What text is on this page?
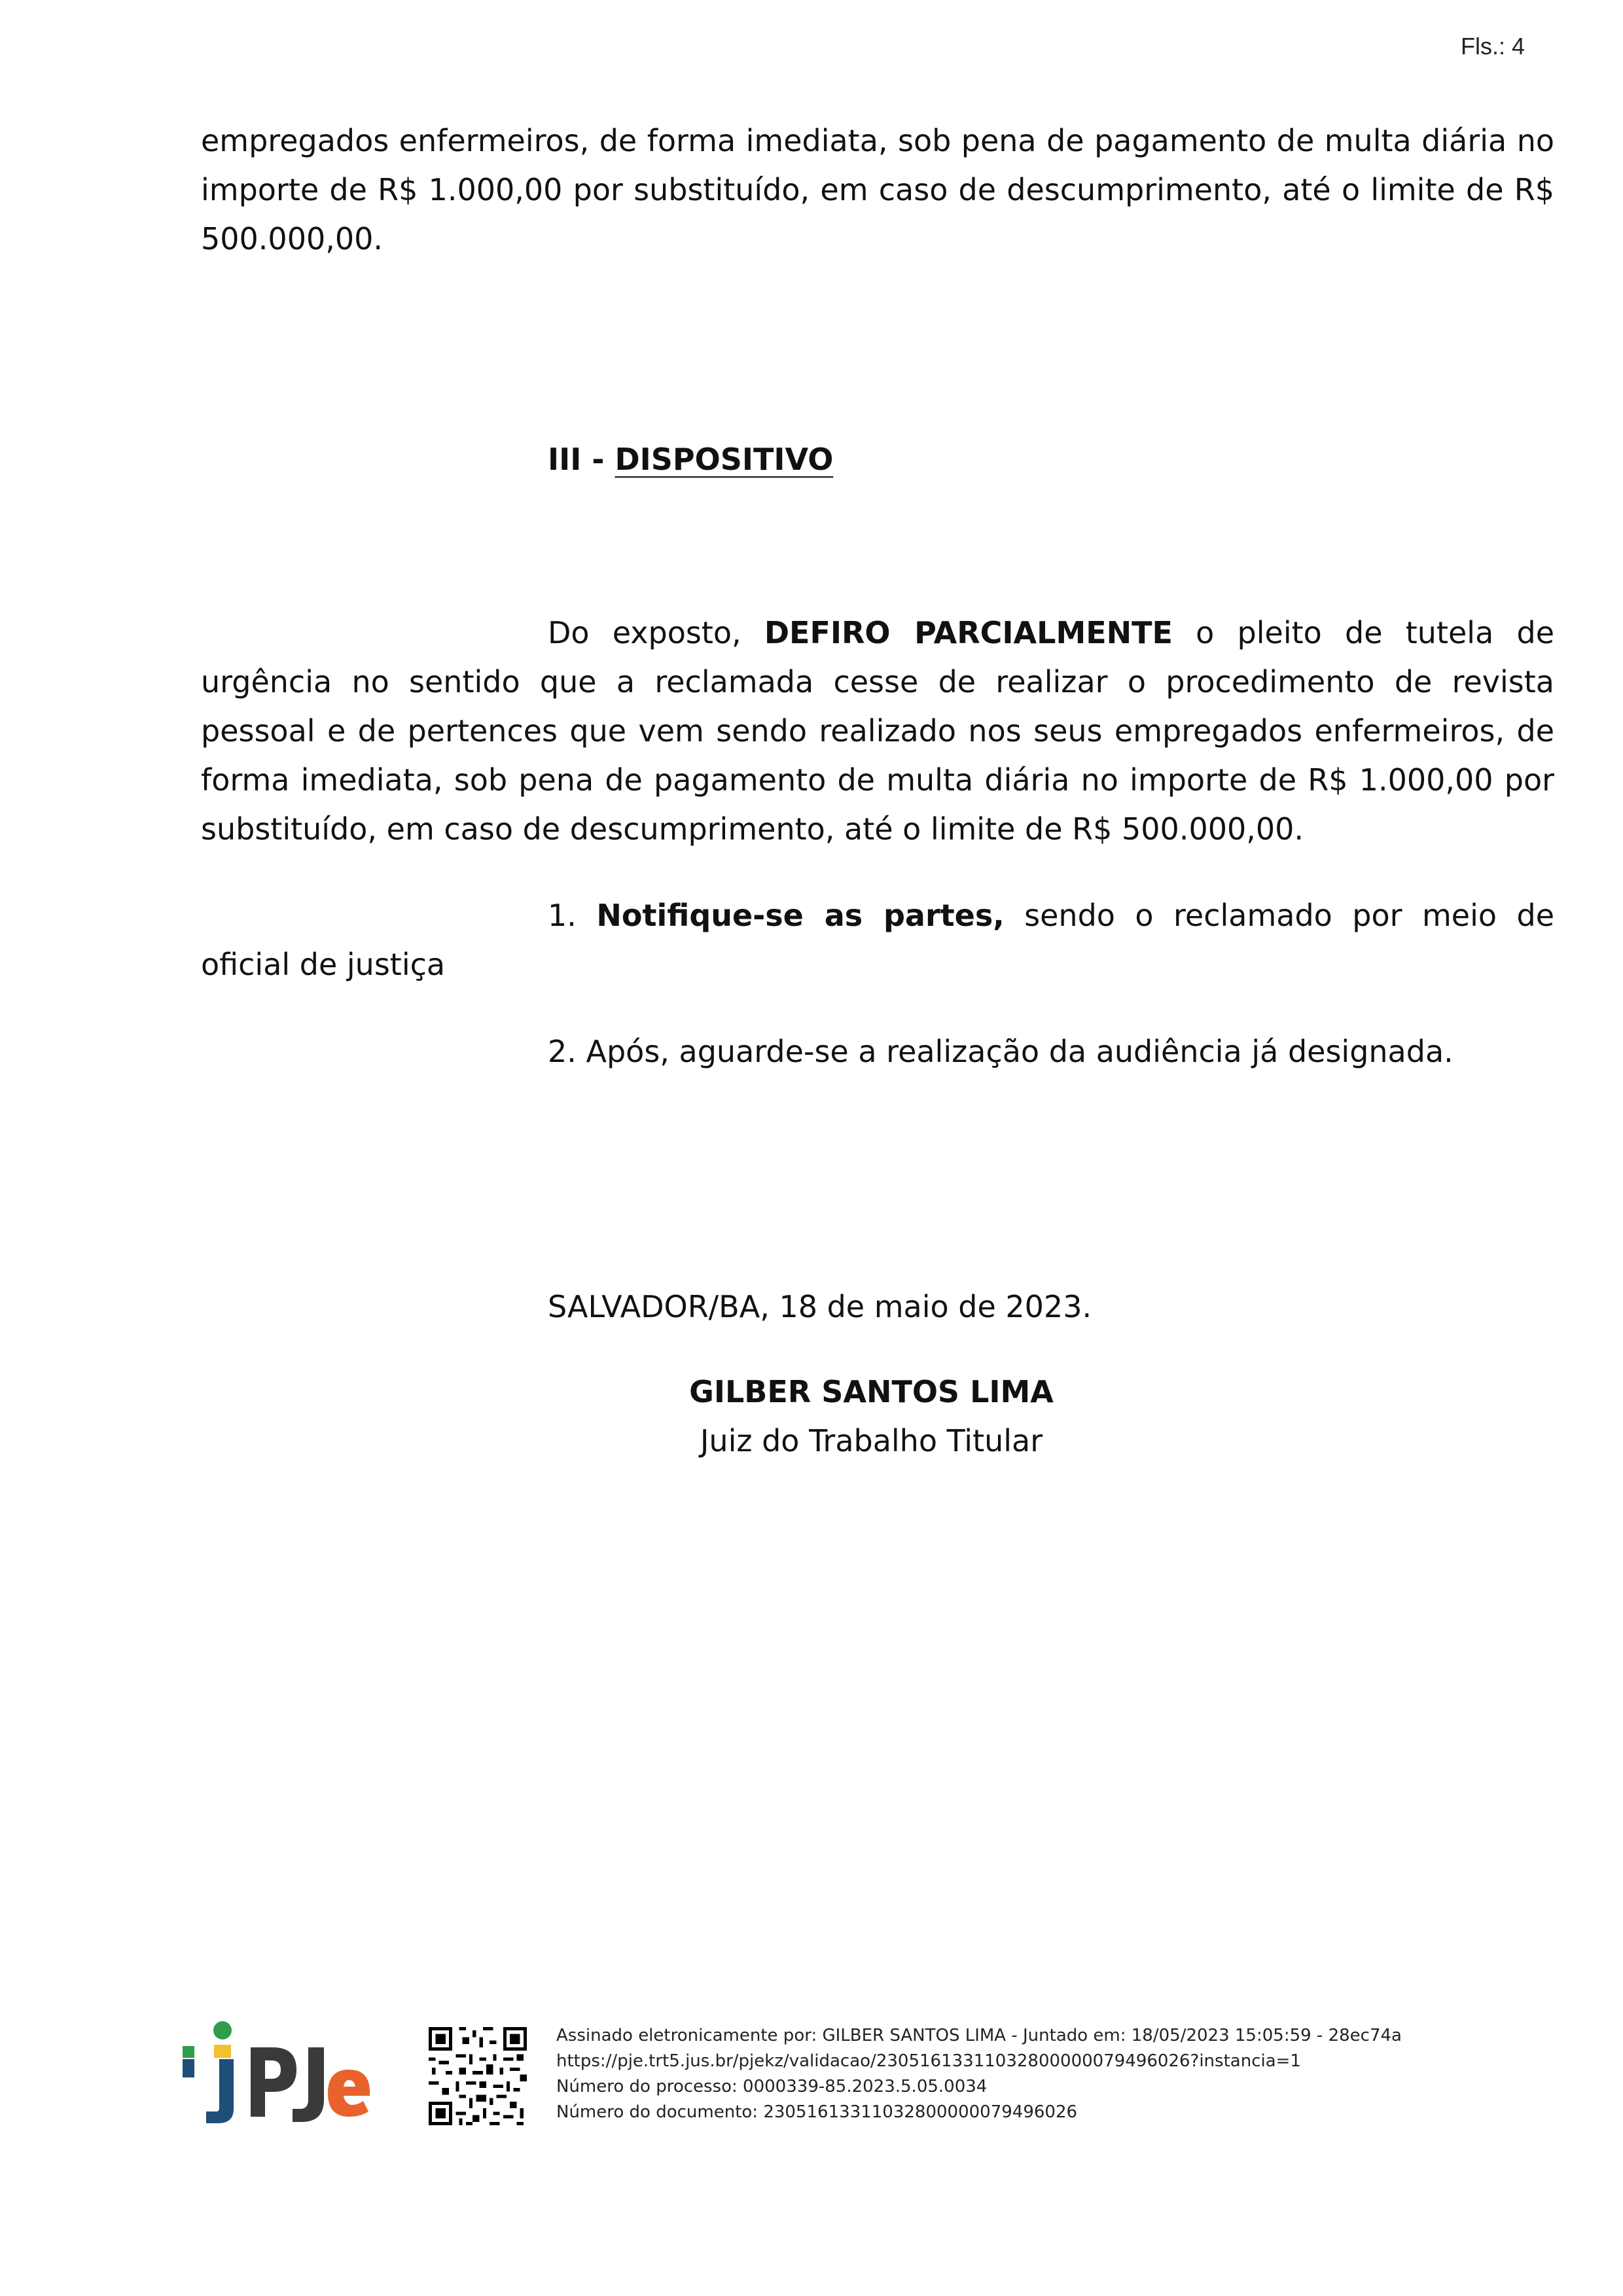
Fls.: 4
empregados enfermeiros, de forma imediata, sob pena de pagamento de multa diária no importe de R$ 1.000,00 por substituído, em caso de descumprimento, até o limite de R$ 500.000,00.
III - DISPOSITIVO
Do exposto, DEFIRO PARCIALMENTE o pleito de tutela de urgência no sentido que a reclamada cesse de realizar o procedimento de revista pessoal e de pertences que vem sendo realizado nos seus empregados enfermeiros, de forma imediata, sob pena de pagamento de multa diária no importe de R$ 1.000,00 por substituído, em caso de descumprimento, até o limite de R$ 500.000,00.
1. Notifique-se as partes, sendo o reclamado por meio de oficial de justiça
2. Após, aguarde-se a realização da audiência já designada.
SALVADOR/BA, 18 de maio de 2023.
GILBER SANTOS LIMA
Juiz do Trabalho Titular
Assinado eletronicamente por: GILBER SANTOS LIMA - Juntado em: 18/05/2023 15:05:59 - 28ec74a
https://pje.trt5.jus.br/pjekz/validacao/23051613311032800000079496026?instancia=1
Número do processo: 0000339-85.2023.5.05.0034
Número do documento: 23051613311032800000079496026
